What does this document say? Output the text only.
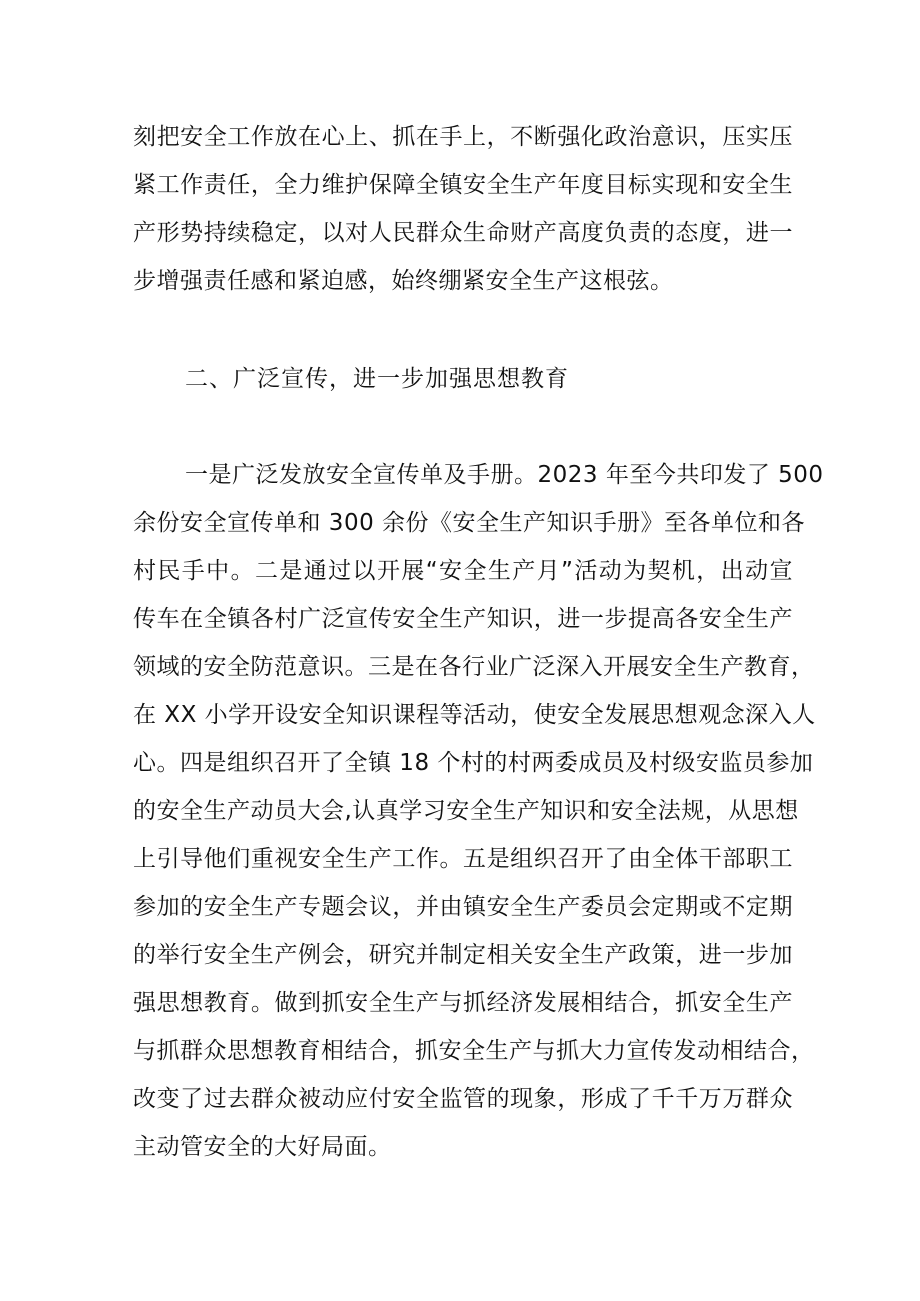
刻把安全工作放在心上、抓在手上，不断强化政治意识，压实压
紧工作责任，全力维护保障全镇安全生产年度目标实现和安全生
产形势持续稳定，以对人民群众生命财产高度负责的态度，进一
步增强责任感和紧迫感，始终绷紧安全生产这根弦。
二、广泛宣传，进一步加强思想教育
一是广泛发放安全宣传单及手册。2023 年至今共印发了 500
余份安全宣传单和 300 余份《安全生产知识手册》至各单位和各
村民手中。二是通过以开展“安全生产月”活动为契机，出动宣
传车在全镇各村广泛宣传安全生产知识，进一步提高各安全生产
领域的安全防范意识。三是在各行业广泛深入开展安全生产教育，
在 XX 小学开设安全知识课程等活动，使安全发展思想观念深入人
心。四是组织召开了全镇 18 个村的村两委成员及村级安监员参加
的安全生产动员大会,认真学习安全生产知识和安全法规，从思想
上引导他们重视安全生产工作。五是组织召开了由全体干部职工
参加的安全生产专题会议，并由镇安全生产委员会定期或不定期
的举行安全生产例会，研究并制定相关安全生产政策，进一步加
强思想教育。做到抓安全生产与抓经济发展相结合，抓安全生产
与抓群众思想教育相结合，抓安全生产与抓大力宣传发动相结合，
改变了过去群众被动应付安全监管的现象，形成了千千万万群众
主动管安全的大好局面。
